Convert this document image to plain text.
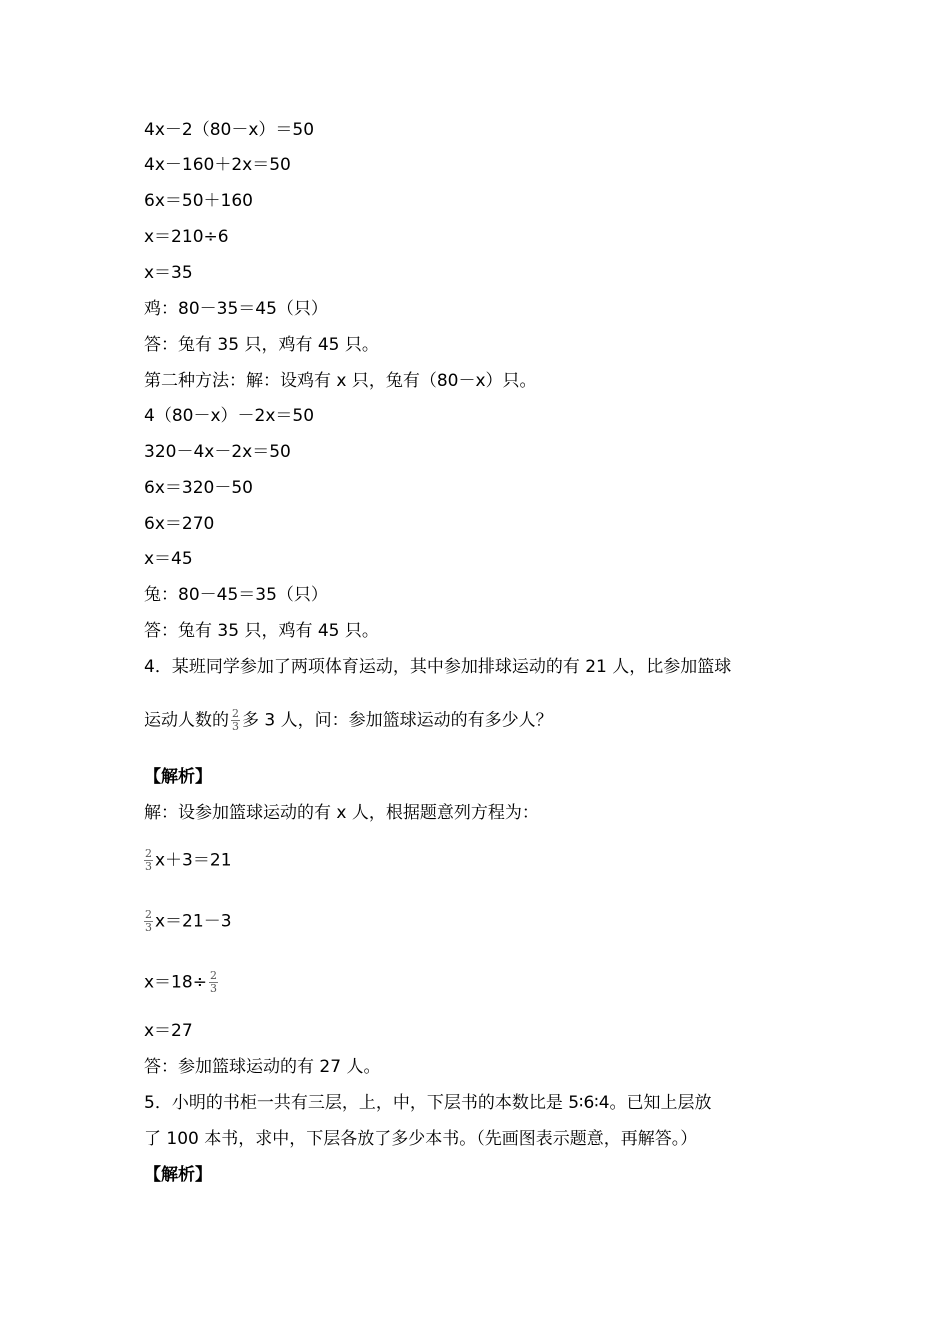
4x－2（80－x）＝50
4x－160＋2x＝50
6x＝50＋160
x＝210÷6
x＝35
鸡：80－35＝45（只）
答：兔有 35 只，鸡有 45 只。
第二种方法：解：设鸡有 x 只，兔有（80－x）只。
4（80－x）－2x＝50
320－4x－2x＝50
6x＝320－50
6x＝270
x＝45
兔：80－45＝35（只）
答：兔有 35 只，鸡有 45 只。
4．某班同学参加了两项体育运动，其中参加排球运动的有 21 人，比参加篮球
运动人数的 $\frac{2}{3}$ 多 3 人，问：参加篮球运动的有多少人？
【解析】
解：设参加篮球运动的有 x 人，根据题意列方程为：
$\frac{2}{3} x+3=21$
$\frac{2}{3} x=21-3$
$x=18\div \frac{2}{3}$
x＝27
答：参加篮球运动的有 27 人。
5．小明的书柜一共有三层，上，中，下层书的本数比是 5∶6∶4。已知上层放
了 100 本书，求中，下层各放了多少本书。（先画图表示题意，再解答。）
【解析】
